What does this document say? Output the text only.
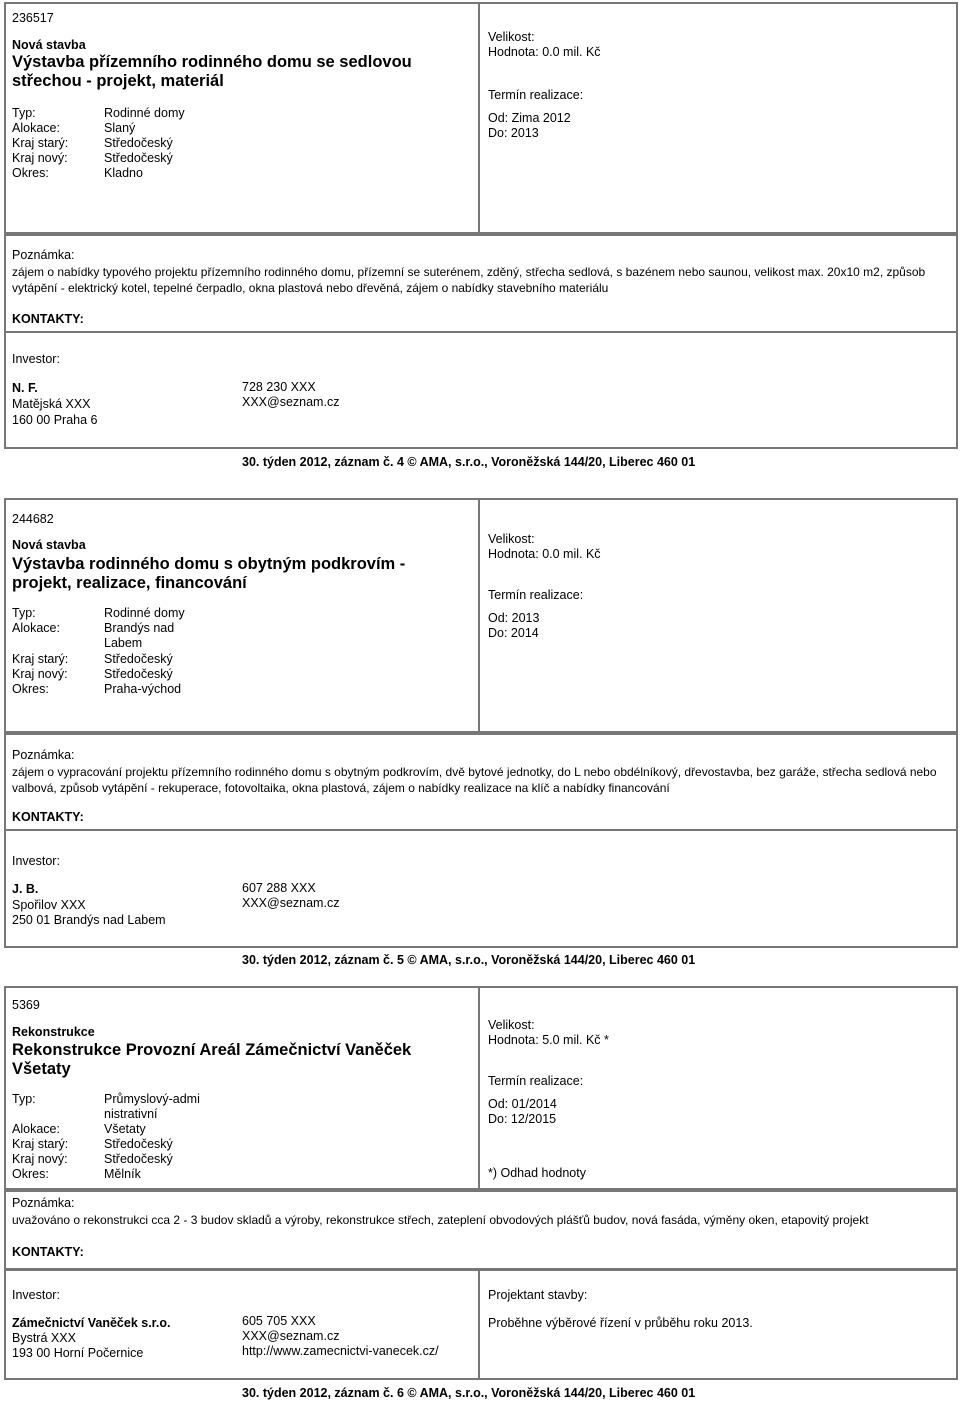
236517
Nová stavba
Výstavba přízemního rodinného domu se sedlovou střechou - projekt, materiál
Typ:	Rodinné domy
Alokace:	Slaný
Kraj starý:	Středočeský
Kraj nový:	Středočeský
Okres:	Kladno
Velikost:
Hodnota: 0.0 mil. Kč
Termín realizace:
Od: Zima 2012
Do: 2013
Poznámka:
zájem o nabídky typového projektu přízemního rodinného domu, přízemní se suterénem, zděný, střecha sedlová, s bazénem nebo saunou, velikost max. 20x10 m2, způsob vytápění - elektrický kotel, tepelné čerpadlo, okna plastová nebo dřevěná, zájem o nabídky stavebního materiálu
KONTAKTY:
Investor:
N. F.
Matějská XXX
160 00 Praha 6
728 230 XXX
XXX@seznam.cz
30. týden 2012, záznam č. 4 © AMA, s.r.o., Voroněžská 144/20, Liberec 460 01
244682
Nová stavba
Výstavba rodinného domu s obytným podkrovím - projekt, realizace, financování
Typ:	Rodinné domy
Alokace:	Brandýs nad Labem
Kraj starý:	Středočeský
Kraj nový:	Středočeský
Okres:	Praha-východ
Velikost:
Hodnota: 0.0 mil. Kč
Termín realizace:
Od: 2013
Do: 2014
Poznámka:
zájem o vypracování projektu přízemního rodinného domu s obytným podkrovím, dvě bytové jednotky, do L nebo obdélníkový, dřevostavba, bez garáže, střecha sedlová nebo valbová, způsob vytápění - rekuperace, fotovoltaika, okna plastová, zájem o nabídky realizace na klíč a nabídky financování
KONTAKTY:
Investor:
J. B.
Spořilov XXX
250 01 Brandýs nad Labem
607 288 XXX
XXX@seznam.cz
30. týden 2012, záznam č. 5 © AMA, s.r.o., Voroněžská 144/20, Liberec 460 01
5369
Rekonstrukce
Rekonstrukce Provozní Areál Zámečnictví Vaněček Všetaty
Typ:	Průmyslový-administrativní
Alokace:	Všetaty
Kraj starý:	Středočeský
Kraj nový:	Středočeský
Okres:	Mělník
Velikost:
Hodnota: 5.0 mil. Kč *
Termín realizace:
Od: 01/2014
Do: 12/2015
*) Odhad hodnoty
Poznámka:
uvažováno o rekonstrukci cca 2 - 3 budov skladů a výroby, rekonstrukce střech, zateplení obvodových plášťů budov, nová fasáda, výměny oken, etapovitý projekt
KONTAKTY:
Investor:
Zámečnictví Vaněček s.r.o.
Bystrá XXX
193 00 Horní Počernice
605 705 XXX
XXX@seznam.cz
http://www.zamecnictvi-vanecek.cz/
Projektant stavby:
Proběhne výběrové řízení v průběhu roku 2013.
30. týden 2012, záznam č. 6 © AMA, s.r.o., Voroněžská 144/20, Liberec 460 01
